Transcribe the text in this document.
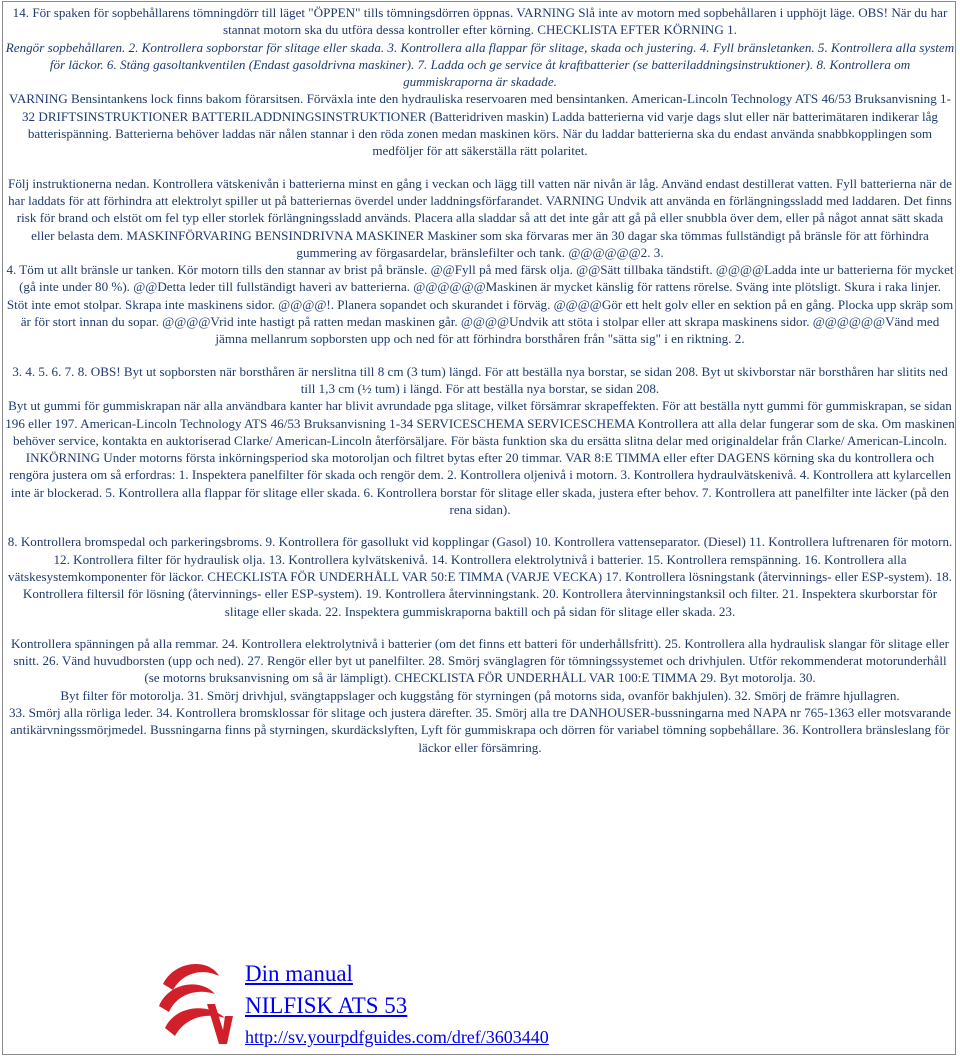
14. För spaken för sopbehållarens tömningdörr till läget "ÖPPEN" tills tömningsdörren öppnas. VARNING Slå inte av motorn med sopbehållaren i upphöjt läge. OBS! När du har stannat motorn ska du utföra dessa kontroller efter körning. CHECKLISTA EFTER KÖRNING 1.

Rengör sopbehållaren. 2. Kontrollera sopborstar för slitage eller skada. 3. Kontrollera alla flappar för slitage, skada och justering. 4. Fyll bränsletanken. 5. Kontrollera alla system för läckor. 6. Stäng gasoltankventilen (Endast gasoldrivna maskiner). 7. Ladda och ge service åt kraftbatterier (se batteriladdningsinstruktioner). 8. Kontrollera om gummiskraporna är skadade.

VARNING Bensintankens lock finns bakom förarsitsen. Förväxla inte den hydrauliska reservoaren med bensintanken. American-Lincoln Technology ATS 46/53 Bruksanvisning 1-32 DRIFTSINSTRUKTIONER BATTERILADDNINGSINSTRUKTIONER (Batteridriven maskin) Ladda batterierna vid varje dags slut eller när batterimätaren indikerar låg batterispänning. Batterierna behöver laddas när nålen stannar i den röda zonen medan maskinen körs. När du laddar batterierna ska du endast använda snabbkopplingen som medföljer för att säkerställa rätt polaritet.

Följ instruktionerna nedan. Kontrollera vätskenivån i batterierna minst en gång i veckan och lägg till vatten när nivån är låg. Använd endast destillerat vatten. Fyll batterierna när de har laddats för att förhindra att elektrolyt spiller ut på batteriernas överdel under laddningsförfarandet. VARNING Undvik att använda en förlängningssladd med laddaren. Det finns risk för brand och elstöt om fel typ eller storlek förlängningssladd används. Placera alla sladdar så att det inte går att gå på eller snubbla över dem, eller på något annat sätt skada eller belasta dem. MASKINFÖRVARING BENSINDRIVNA MASKINER Maskiner som ska förvaras mer än 30 dagar ska tömmas fullständigt på bränsle för att förhindra gummering av förgasardelar, bränslefilter och tank. @@@@@@2. 3.

4. Töm ut allt bränsle ur tanken. Kör motorn tills den stannar av brist på bränsle. @@Fyll på med färsk olja. @@Sätt tillbaka tändstift. @@@@Ladda inte ur batterierna för mycket (gå inte under 80 %). @@Detta leder till fullständigt haveri av batterierna. @@@@@@Maskinen är mycket känslig för rattens rörelse. Sväng inte plötsligt. Skura i raka linjer.

Stöt inte emot stolpar. Skrapa inte maskinens sidor. @@@@!. Planera sopandet och skurandet i förväg. @@@@Gör ett helt golv eller en sektion på en gång. Plocka upp skräp som är för stort innan du sopar. @@@@Vrid inte hastigt på ratten medan maskinen går. @@@@Undvik att stöta i stolpar eller att skrapa maskinens sidor. @@@@@@Vänd med jämna mellanrum sopborsten upp och ned för att förhindra borsthåren från "sätta sig" i en riktning. 2.

3. 4. 5. 6. 7. 8. OBS! Byt ut sopborsten när borsthåren är nerslitna till 8 cm (3 tum) längd. För att beställa nya borstar, se sidan 208. Byt ut skivborstar när borsthåren har slitits ned till 1,3 cm (½ tum) i längd. För att beställa nya borstar, se sidan 208.

Byt ut gummi för gummiskrapan när alla användbara kanter har blivit avrundade pga slitage, vilket försämrar skrapeffekten. För att beställa nytt gummi för gummiskrapan, se sidan 196 eller 197. American-Lincoln Technology ATS 46/53 Bruksanvisning 1-34 SERVICESCHEMA SERVICESCHEMA Kontrollera att alla delar fungerar som de ska. Om maskinen behöver service, kontakta en auktoriserad Clarke/ American-Lincoln återförsäljare. För bästa funktion ska du ersätta slitna delar med originaldelar från Clarke/ American-Lincoln.

INKÖRNING Under motorns första inkörningsperiod ska motoroljan och filtret bytas efter 20 timmar. VAR 8:E TIMMA eller efter DAGENS körning ska du kontrollera och rengöra justera om så erfordras: 1. Inspektera panelfilter för skada och rengör dem. 2. Kontrollera oljenivå i motorn. 3. Kontrollera hydraulvätskenivå. 4. Kontrollera att kylarcellen inte är blockerad. 5. Kontrollera alla flappar för slitage eller skada. 6. Kontrollera borstar för slitage eller skada, justera efter behov. 7. Kontrollera att panelfilter inte läcker (på den rena sidan).

8. Kontrollera bromspedal och parkeringsbroms. 9. Kontrollera för gasollukt vid kopplingar (Gasol) 10. Kontrollera vattenseparator. (Diesel) 11. Kontrollera luftrenaren för motorn. 12. Kontrollera filter för hydraulisk olja. 13. Kontrollera kylvätskenivå. 14. Kontrollera elektrolytnivå i batterier. 15. Kontrollera remspänning. 16. Kontrollera alla vätskesystemkomponenter för läckor. CHECKLISTA FÖR UNDERHÅLL VAR 50:E TIMMA (VARJE VECKA) 17. Kontrollera lösningstank (återvinnings- eller ESP-system). 18.

Kontrollera filtersil för lösning (återvinnings- eller ESP-system). 19. Kontrollera återvinningstank. 20. Kontrollera återvinningstanksil och filter. 21. Inspektera skurborstar för slitage eller skada. 22. Inspektera gummiskraporna baktill och på sidan för slitage eller skada. 23.

Kontrollera spänningen på alla remmar. 24. Kontrollera elektrolytnivå i batterier (om det finns ett batteri för underhållsfritt). 25. Kontrollera alla hydraulisk slangar för slitage eller snitt. 26. Vänd huvudborsten (upp och ned). 27. Rengör eller byt ut panelfilter. 28. Smörj svänglagren för tömningssystemet och drivhjulen. Utför rekommenderat motorunderhåll (se motorns bruksanvisning om så är lämpligt). CHECKLISTA FÖR UNDERHÅLL VAR 100:E TIMMA 29. Byt motorolja. 30.

Byt filter för motorolja. 31. Smörj drivhjul, svängtappslager och kuggstång för styrningen (på motorns sida, ovanför bakhjulen). 32. Smörj de främre hjullagren.

33. Smörj alla rörliga leder. 34. Kontrollera bromsklossar för slitage och justera därefter. 35. Smörj alla tre DANHOUSER-bussningarna med NAPA nr 765-1363 eller motsvarande antikärvningssmörjmedel. Bussningarna finns på styrningen, skurdäckslyften, Lyft för gummiskrapa och dörren för variabel tömning sopbehållare. 36. Kontrollera bränsleslang för läckor eller försämring.

Din manual
NILFISK ATS 53
http://sv.yourpdfguides.com/dref/3603440
